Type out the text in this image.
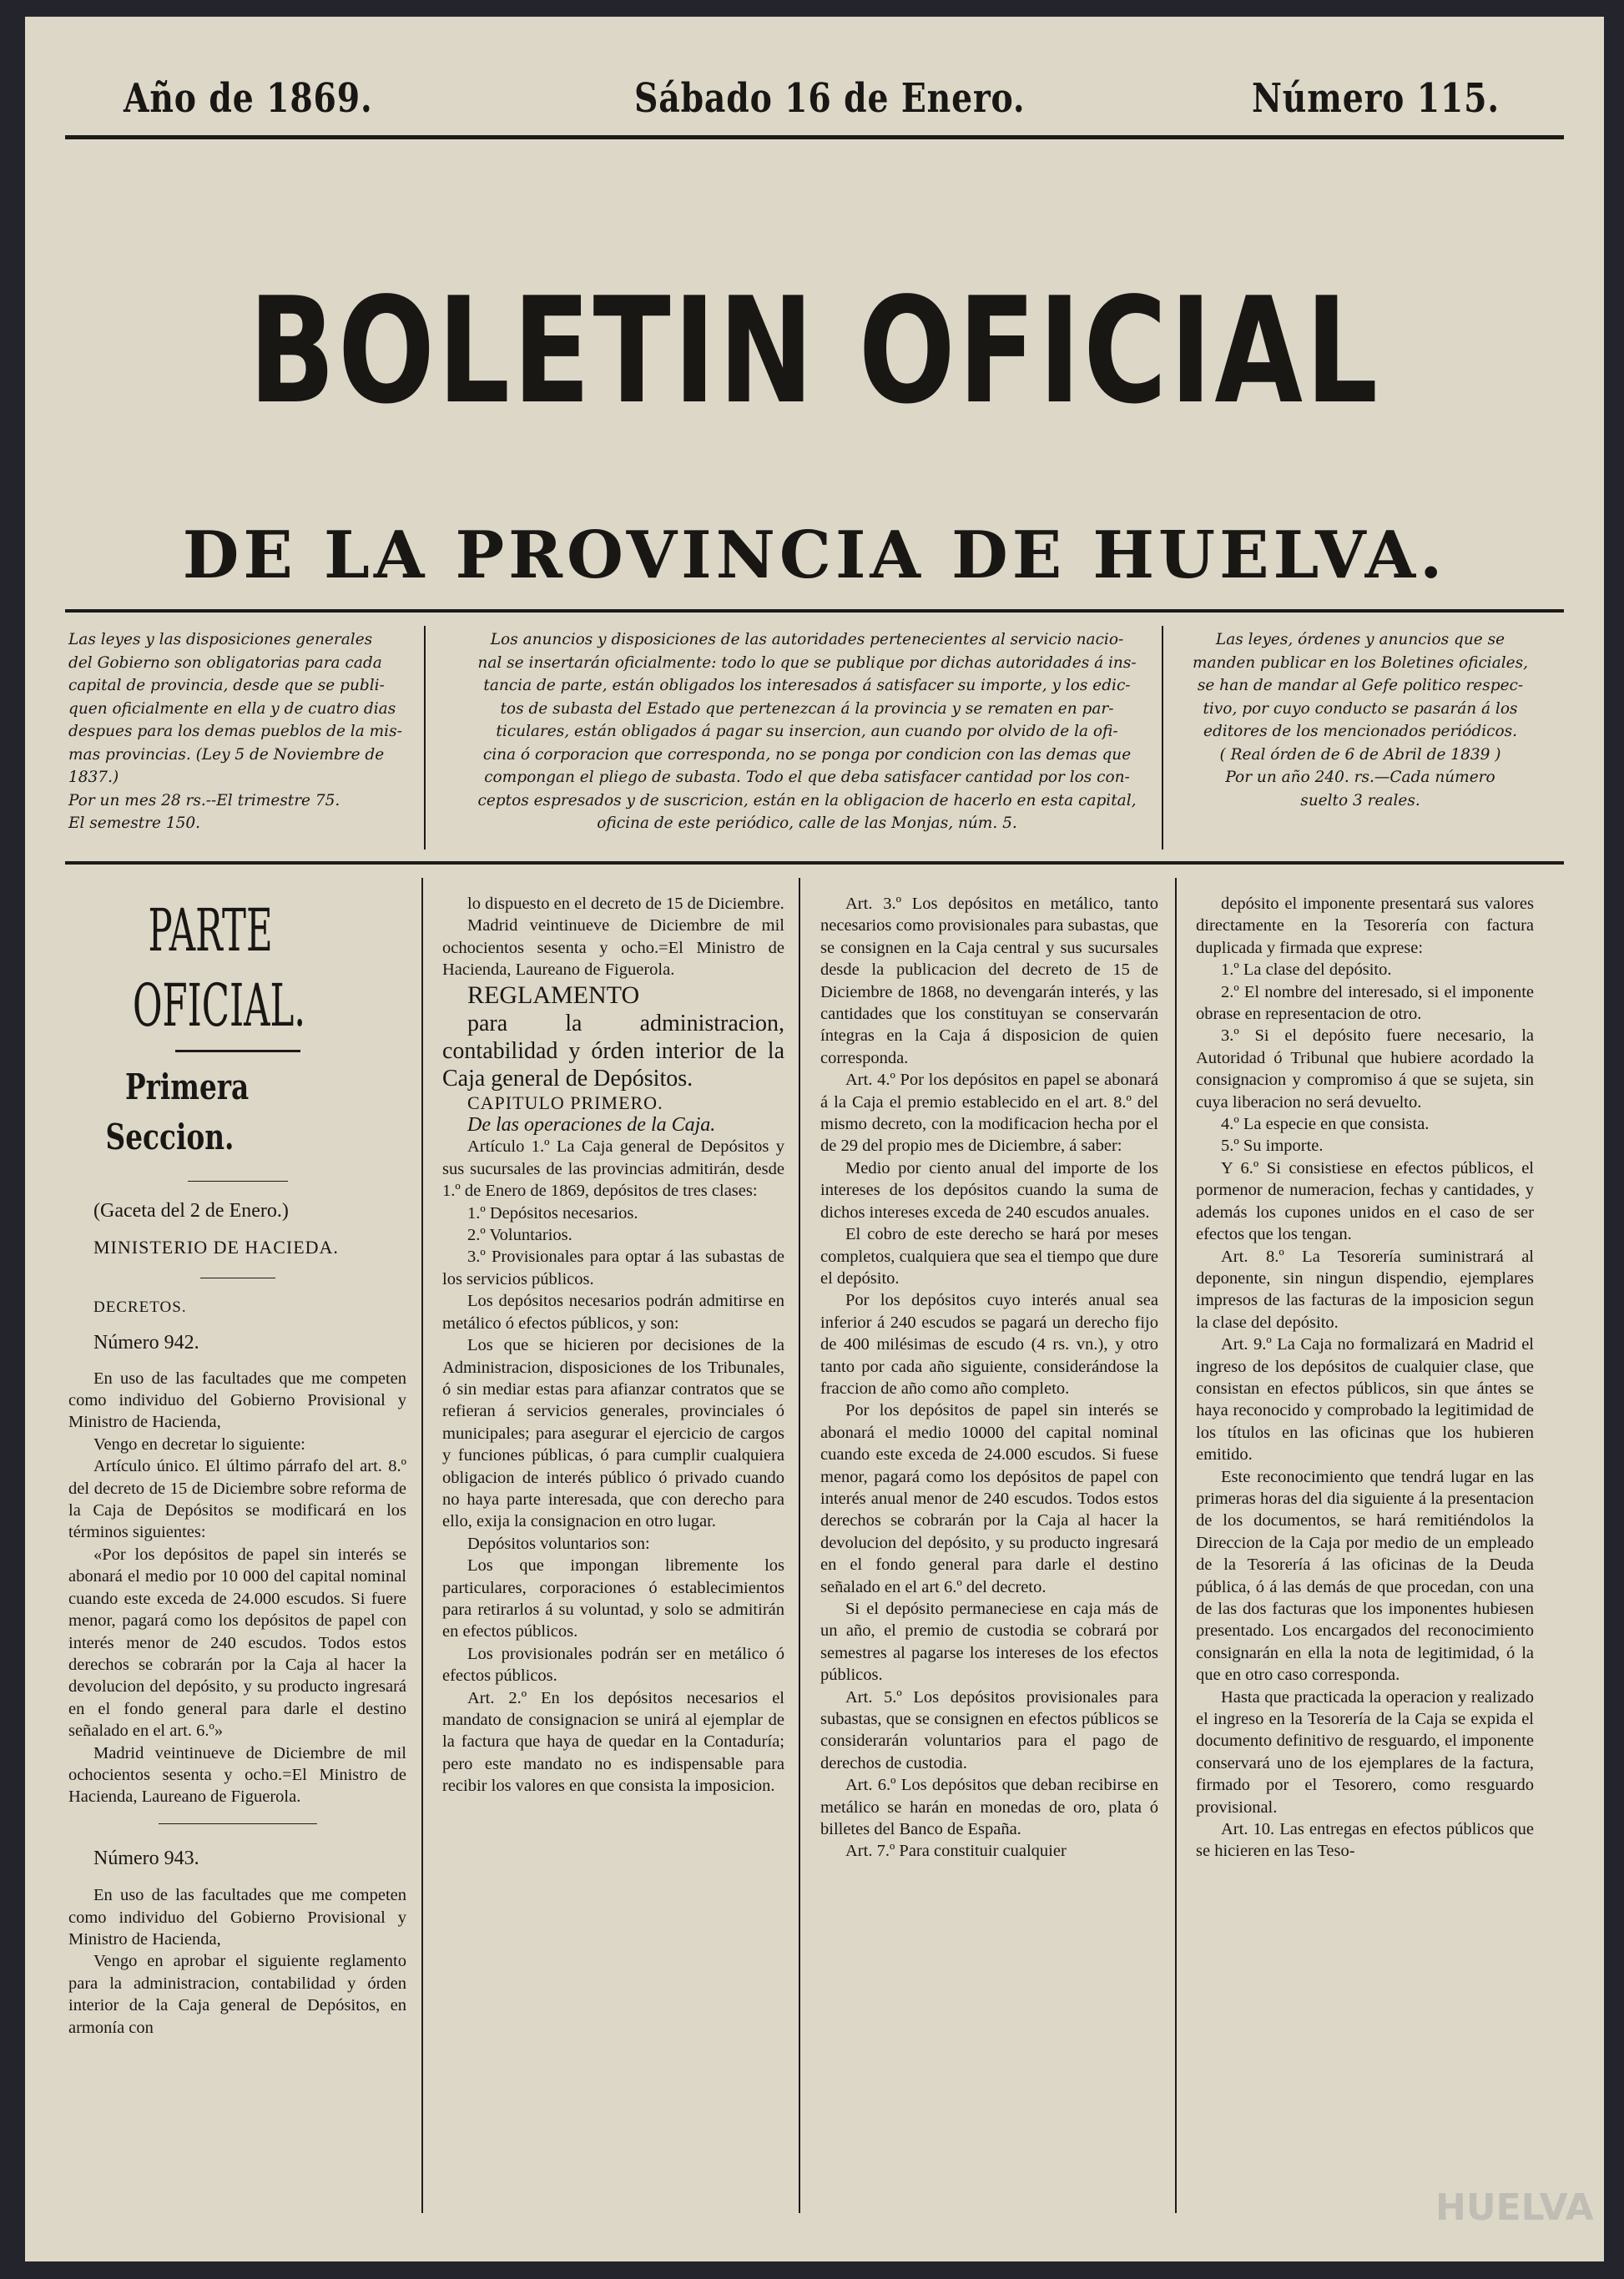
Año de 1869.	Sábado 16 de Enero.	Número 115.
BOLETIN OFICIAL
DE LA PROVINCIA DE HUELVA.
Las leyes y las disposiciones generales
del Gobierno son obligatorias para cada
capital de provincia, desde que se publi-
quen oficialmente en ella y de cuatro dias
despues para los demas pueblos de la mis-
mas provincias. (Ley 5 de Noviembre de
1837.)
Por un mes 28 rs.--El trimestre 75.
El semestre 150.
Los anuncios y disposiciones de las autoridades pertenecientes al servicio nacio-
nal se insertarán oficialmente: todo lo que se publique por dichas autoridades á ins-
tancia de parte, están obligados los interesados á satisfacer su importe, y los edic-
tos de subasta del Estado que pertenezcan á la provincia y se rematen en par-
ticulares, están obligados á pagar su insercion, aun cuando por olvido de la ofi-
cina ó corporacion que corresponda, no se ponga por condicion con las demas que
compongan el pliego de subasta. Todo el que deba satisfacer cantidad por los con-
ceptos espresados y de suscricion, están en la obligacion de hacerlo en esta capital,
oficina de este periódico, calle de las Monjas, núm. 5.
Las leyes, órdenes y anuncios que se
manden publicar en los Boletines oficiales,
se han de mandar al Gefe politico respec-
tivo, por cuyo conducto se pasarán á los
editores de los mencionados periódicos.
( Real órden de 6 de Abril de 1839 )
Por un año 240. rs.—Cada número
suelto 3 reales.

PARTE OFICIAL.

Primera Seccion.

(Gaceta del 2 de Enero.)

MINISTERIO DE HACIEDA.

DECRETOS.

Número 942.

En uso de las facultades que me competen como individuo del Gobierno Provisional y Ministro de Hacienda,

Vengo en decretar lo siguiente:

Artículo único. El último párrafo del art. 8.º del decreto de 15 de Diciembre sobre reforma de la Caja de Depósitos se modificará en los términos siguientes:

«Por los depósitos de papel sin interés se abonará el medio por 10 000 del capital nominal cuando este exceda de 24.000 escudos. Si fuere menor, pagará como los depósitos de papel con interés menor de 240 escudos. Todos estos derechos se cobrarán por la Caja al hacer la devolucion del depósito, y su producto ingresará en el fondo general para darle el destino señalado en el art. 6.º»

Madrid veintinueve de Diciembre de mil ochocientos sesenta y ocho.=El Ministro de Hacienda, Laureano de Figuerola.

Número 943.

En uso de las facultades que me competen como individuo del Gobierno Provisional y Ministro de Hacienda,

Vengo en aprobar el siguiente reglamento para la administracion, contabilidad y órden interior de la Caja general de Depósitos, en armonía con

lo dispuesto en el decreto de 15 de Diciembre.

Madrid veintinueve de Diciembre de mil ochocientos sesenta y ocho.=El Ministro de Hacienda, Laureano de Figuerola.

REGLAMENTO

para la administracion, contabilidad y órden interior de la Caja general de Depósitos.

CAPITULO PRIMERO.

De las operaciones de la Caja.

Artículo 1.º La Caja general de Depósitos y sus sucursales de las provincias admitirán, desde 1.º de Enero de 1869, depósitos de tres clases:

1.º Depósitos necesarios.

2.º Voluntarios.

3.º Provisionales para optar á las subastas de los servicios públicos.

Los depósitos necesarios podrán admitirse en metálico ó efectos públicos, y son:

Los que se hicieren por decisiones de la Administracion, disposiciones de los Tribunales, ó sin mediar estas para afianzar contratos que se refieran á servicios generales, provinciales ó municipales; para asegurar el ejercicio de cargos y funciones públicas, ó para cumplir cualquiera obligacion de interés público ó privado cuando no haya parte interesada, que con derecho para ello, exija la consignacion en otro lugar.

Depósitos voluntarios son:

Los que impongan libremente los particulares, corporaciones ó establecimientos para retirarlos á su voluntad, y solo se admitirán en efectos públicos.

Los provisionales podrán ser en metálico ó efectos públicos.

Art. 2.º En los depósitos necesarios el mandato de consignacion se unirá al ejemplar de la factura que haya de quedar en la Contaduría; pero este mandato no es indispensable para recibir los valores en que consista la imposicion.

Art. 3.º Los depósitos en metálico, tanto necesarios como provisionales para subastas, que se consignen en la Caja central y sus sucursales desde la publicacion del decreto de 15 de Diciembre de 1868, no devengarán interés, y las cantidades que los constituyan se conservarán íntegras en la Caja á disposicion de quien corresponda.

Art. 4.º Por los depósitos en papel se abonará á la Caja el premio establecido en el art. 8.º del mismo decreto, con la modificacion hecha por el de 29 del propio mes de Diciembre, á saber:

Medio por ciento anual del importe de los intereses de los depósitos cuando la suma de dichos intereses exceda de 240 escudos anuales.

El cobro de este derecho se hará por meses completos, cualquiera que sea el tiempo que dure el depósito.

Por los depósitos cuyo interés anual sea inferior á 240 escudos se pagará un derecho fijo de 400 milésimas de escudo (4 rs. vn.), y otro tanto por cada año siguiente, considerándose la fraccion de año como año completo.

Por los depósitos de papel sin interés se abonará el medio 10000 del capital nominal cuando este exceda de 24.000 escudos. Si fuese menor, pagará como los depósitos de papel con interés anual menor de 240 escudos. Todos estos derechos se cobrarán por la Caja al hacer la devolucion del depósito, y su producto ingresará en el fondo general para darle el destino señalado en el art 6.º del decreto.

Si el depósito permaneciese en caja más de un año, el premio de custodia se cobrará por semestres al pagarse los intereses de los efectos públicos.

Art. 5.º Los depósitos provisionales para subastas, que se consignen en efectos públicos se considerarán voluntarios para el pago de derechos de custodia.

Art. 6.º Los depósitos que deban recibirse en metálico se harán en monedas de oro, plata ó billetes del Banco de España.

Art. 7.º Para constituir cualquier

depósito el imponente presentará sus valores directamente en la Tesorería con factura duplicada y firmada que exprese:

1.º La clase del depósito.

2.º El nombre del interesado, si el imponente obrase en representacion de otro.

3.º Si el depósito fuere necesario, la Autoridad ó Tribunal que hubiere acordado la consignacion y compromiso á que se sujeta, sin cuya liberacion no será devuelto.

4.º La especie en que consista.

5.º Su importe.

Y 6.º Si consistiese en efectos públicos, el pormenor de numeracion, fechas y cantidades, y además los cupones unidos en el caso de ser efectos que los tengan.

Art. 8.º La Tesorería suministrará al deponente, sin ningun dispendio, ejemplares impresos de las facturas de la imposicion segun la clase del depósito.

Art. 9.º La Caja no formalizará en Madrid el ingreso de los depósitos de cualquier clase, que consistan en efectos públicos, sin que ántes se haya reconocido y comprobado la legitimidad de los títulos en las oficinas que los hubieren emitido.

Este reconocimiento que tendrá lugar en las primeras horas del dia siguiente á la presentacion de los documentos, se hará remitiéndolos la Direccion de la Caja por medio de un empleado de la Tesorería á las oficinas de la Deuda pública, ó á las demás de que procedan, con una de las dos facturas que los imponentes hubiesen presentado. Los encargados del reconocimiento consignarán en ella la nota de legitimidad, ó la que en otro caso corresponda.

Hasta que practicada la operacion y realizado el ingreso en la Tesorería de la Caja se expida el documento definitivo de resguardo, el imponente conservará uno de los ejemplares de la factura, firmado por el Tesorero, como resguardo provisional.

Art. 10. Las entregas en efectos públicos que se hicieren en las Teso-

HUELVA
